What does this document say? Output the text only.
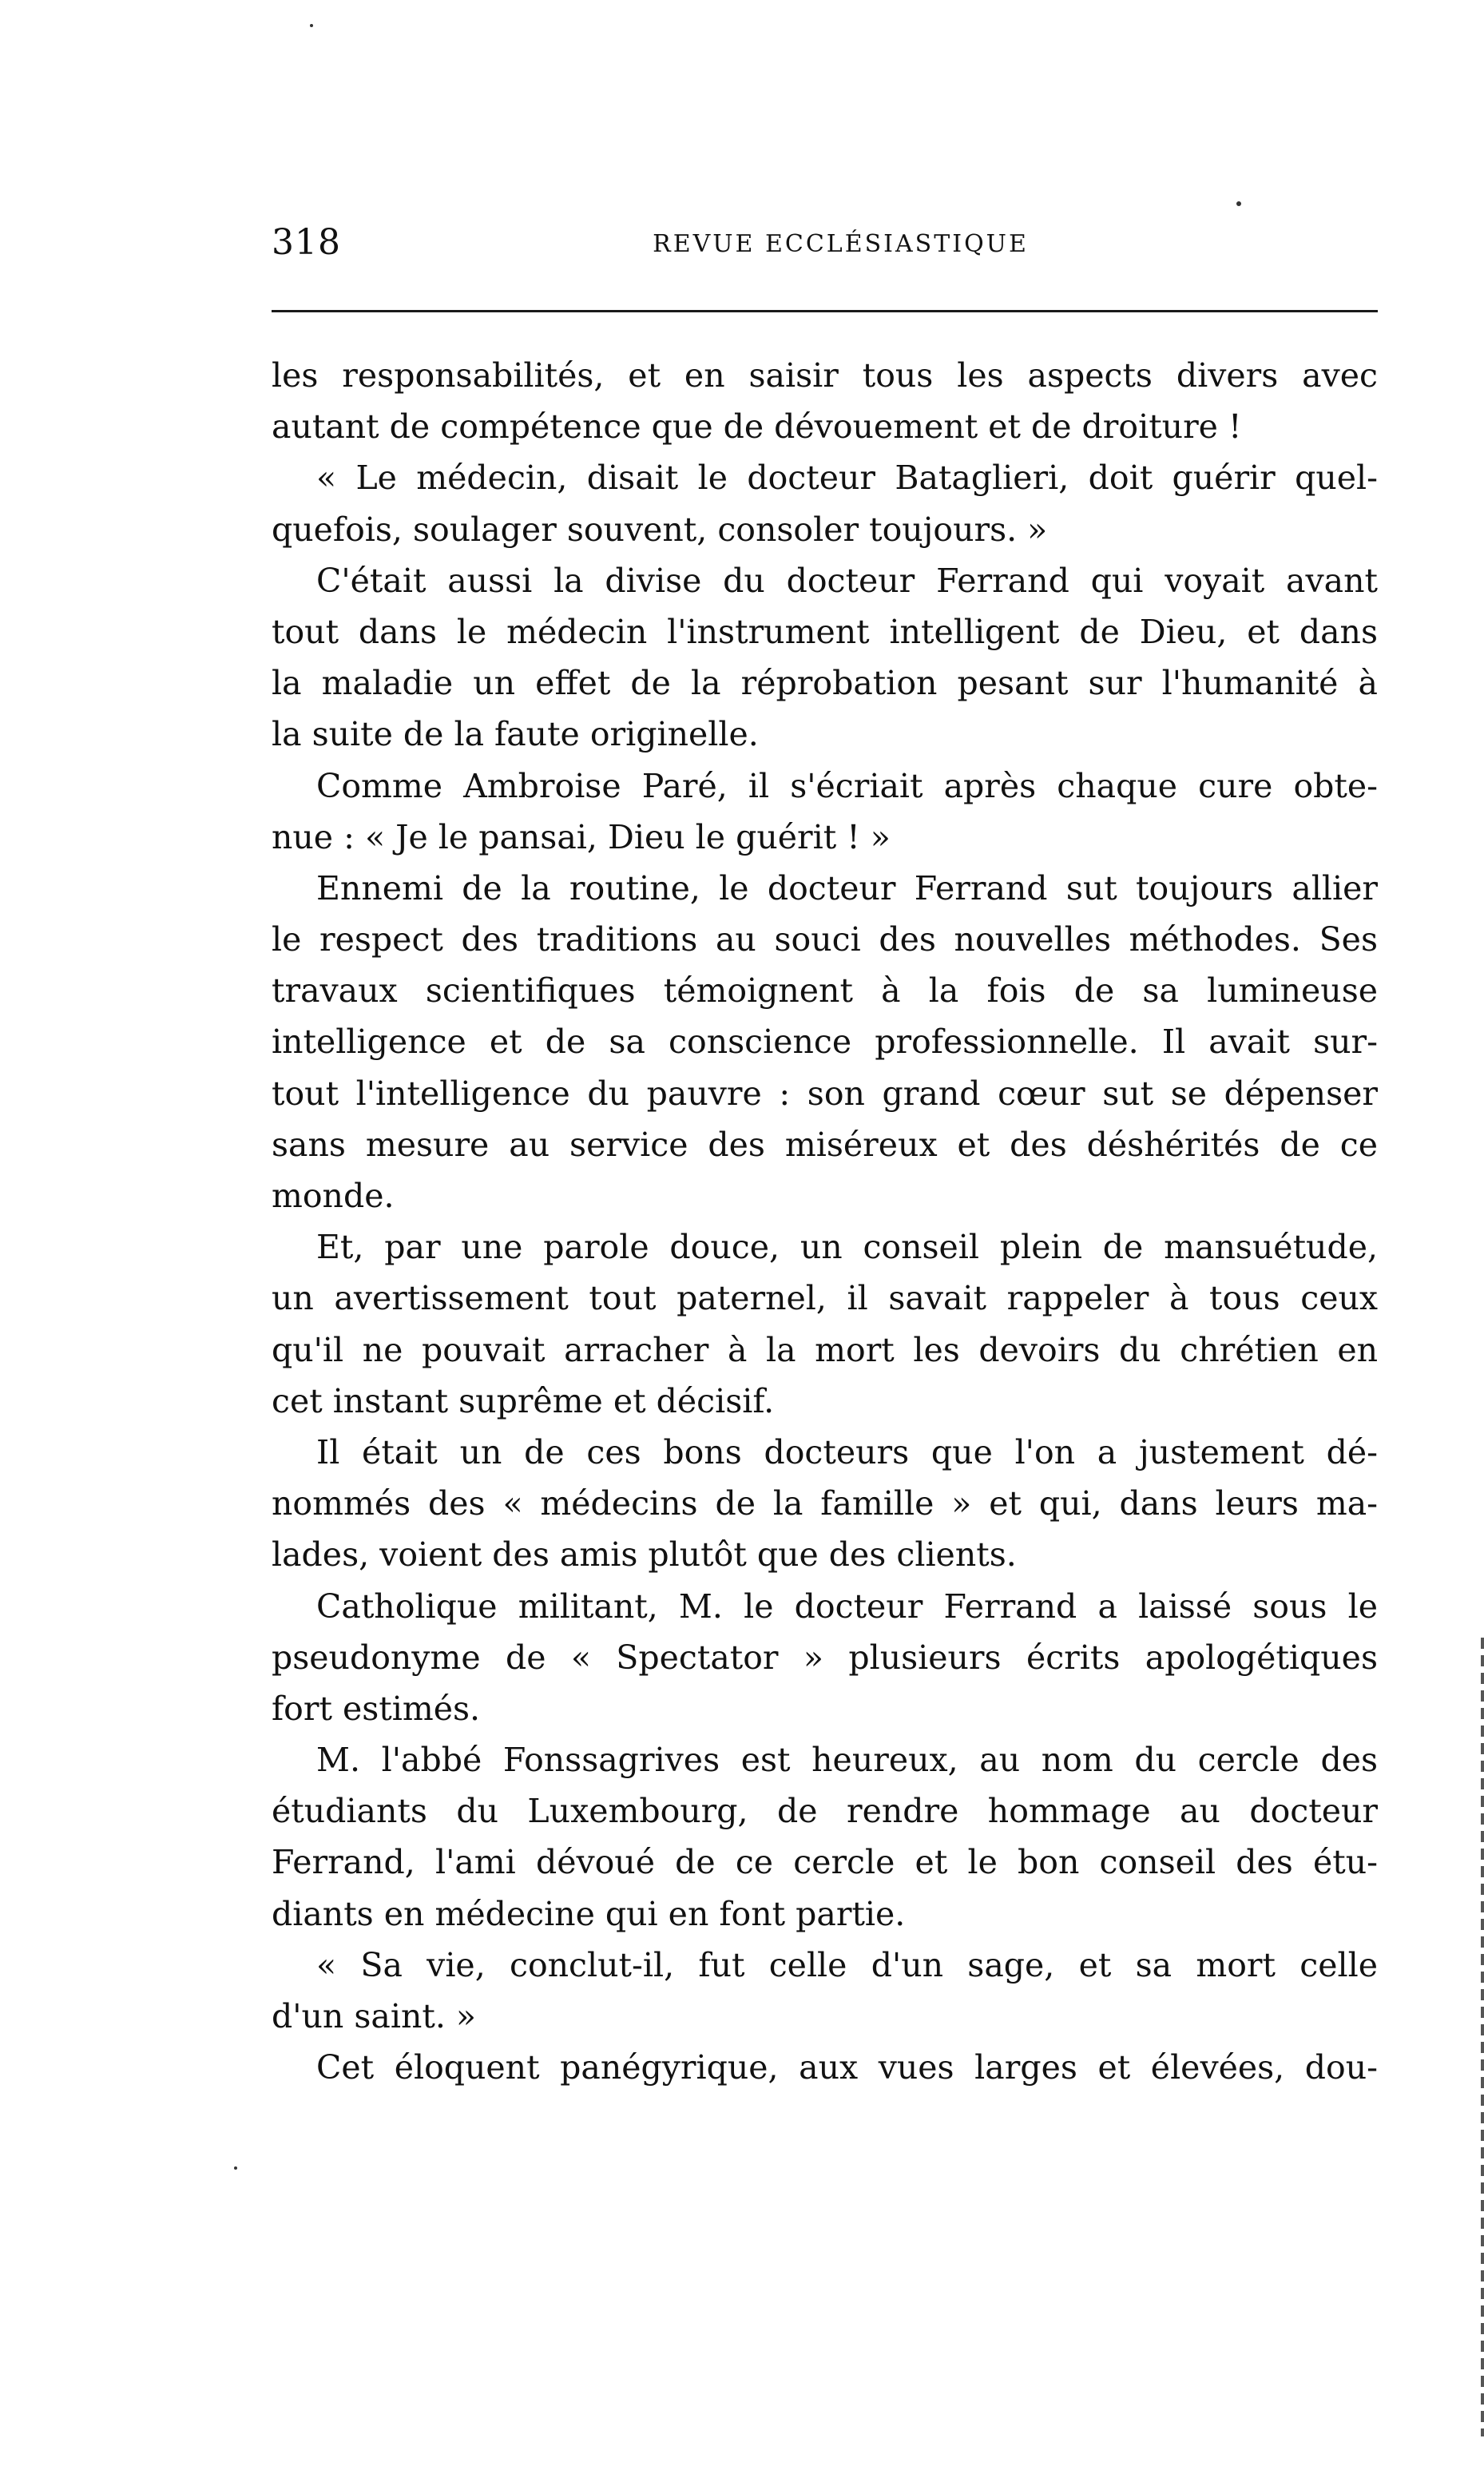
318	REVUE ECCLÉSIASTIQUE
les responsabilités, et en saisir tous les aspects divers avec
autant de compétence que de dévouement et de droiture !
« Le médecin, disait le docteur Bataglieri, doit guérir quel-
quefois, soulager souvent, consoler toujours. »
C'était aussi la divise du docteur Ferrand qui voyait avant
tout dans le médecin l'instrument intelligent de Dieu, et dans
la maladie un effet de la réprobation pesant sur l'humanité à
la suite de la faute originelle.
Comme Ambroise Paré, il s'écriait après chaque cure obte-
nue : « Je le pansai, Dieu le guérit ! »
Ennemi de la routine, le docteur Ferrand sut toujours allier
le respect des traditions au souci des nouvelles méthodes. Ses
travaux scientifiques témoignent à la fois de sa lumineuse
intelligence et de sa conscience professionnelle. Il avait sur-
tout l'intelligence du pauvre : son grand cœur sut se dépenser
sans mesure au service des miséreux et des déshérités de ce
monde.
Et, par une parole douce, un conseil plein de mansuétude,
un avertissement tout paternel, il savait rappeler à tous ceux
qu'il ne pouvait arracher à la mort les devoirs du chrétien en
cet instant suprême et décisif.
Il était un de ces bons docteurs que l'on a justement dé-
nommés des « médecins de la famille » et qui, dans leurs ma-
lades, voient des amis plutôt que des clients.
Catholique militant, M. le docteur Ferrand a laissé sous le
pseudonyme de « Spectator » plusieurs écrits apologétiques
fort estimés.
M. l'abbé Fonssagrives est heureux, au nom du cercle des
étudiants du Luxembourg, de rendre hommage au docteur
Ferrand, l'ami dévoué de ce cercle et le bon conseil des étu-
diants en médecine qui en font partie.
« Sa vie, conclut-il, fut celle d'un sage, et sa mort celle
d'un saint. »
Cet éloquent panégyrique, aux vues larges et élevées, dou-
